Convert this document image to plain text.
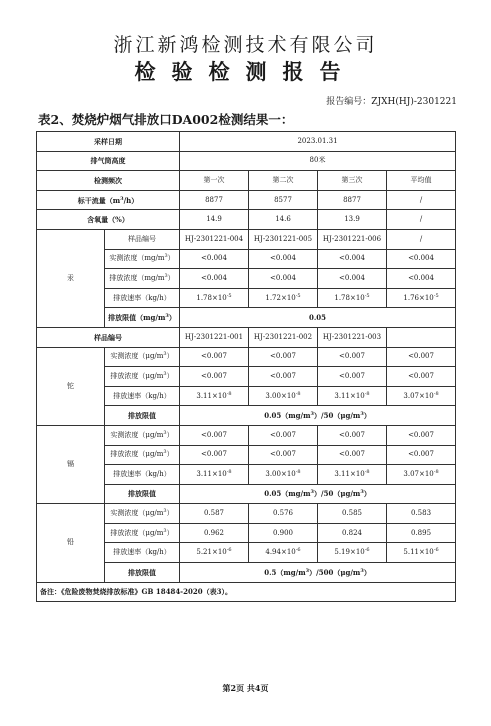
浙江新鸿检测技术有限公司
检验检测报告
报告编号：ZJXH(HJ)-2301221
表2、焚烧炉烟气排放口DA002检测结果一：
采样日期		2023.01.31			
排气筒高度		80米			
检测频次		第一次	第二次	第三次	平均值
标干流量$(m^3/h)$		8877	8577	8877	/
含氧量（%）		14.9	14.6	13.9	/
汞	样品编号	HJ-2301221-004	HJ-2301221-005	HJ-2301221-006	/
	实测浓度$(mg/m^3)$	<0.004	<0.004	<0.004	<0.004
	排放浓度$(mg/m^3)$	<0.004	<0.004	<0.004	<0.004
	排放速率（kg/h）	$1.78\times 10^{-5}$	$1.72\times 10^{-5}$	$1.78\times 10^{-5}$	$1.76\times 10^{-5}$
	排放限值$(mg/m^3)$	0.05			
样品编号		HJ-2301221-001	HJ-2301221-002	HJ-2301221-003	
铊	实测浓度$(\mu g/m^3)$	<0.007	<0.007	<0.007	<0.007
	排放浓度$(\mu g/m^3)$	<0.007	<0.007	<0.007	<0.007
	排放速率（kg/h）	$3.11\times 10^{-8}$	$3.00\times 10^{-8}$	$3.11\times 10^{-8}$	$3.07\times 10^{-8}$
	排放限值	$0.05(mg/m^3)/50(\mu g/m^3)$			
镉	实测浓度$(\mu g/m^3)$	<0.007	<0.007	<0.007	<0.007
	排放浓度$(\mu g/m^3)$	<0.007	<0.007	<0.007	<0.007
	排放速率（kg/h）	$3.11\times 10^{-8}$	$3.00\times 10^{-8}$	$3.11\times 10^{-8}$	$3.07\times 10^{-8}$
	排放限值	$0.05(mg/m^3)/50(\mu g/m^3)$			
铅	实测浓度$(\mu g/m^3)$	0.587	0.576	0.585	0.583
	排放浓度$(\mu g/m^3)$	0.962	0.900	0.824	0.895
	排放速率（kg/h）	$5.21\times 10^{-6}$	$4.94\times 10^{-6}$	$5.19\times 10^{-6}$	$5.11\times 10^{-6}$
	排放限值	$0.5(mg/m^3)/500(\mu g/m^3)$			
备注：《危险废物焚烧排放标准》GB 18484-2020（表3）。					
第2页 共4页
